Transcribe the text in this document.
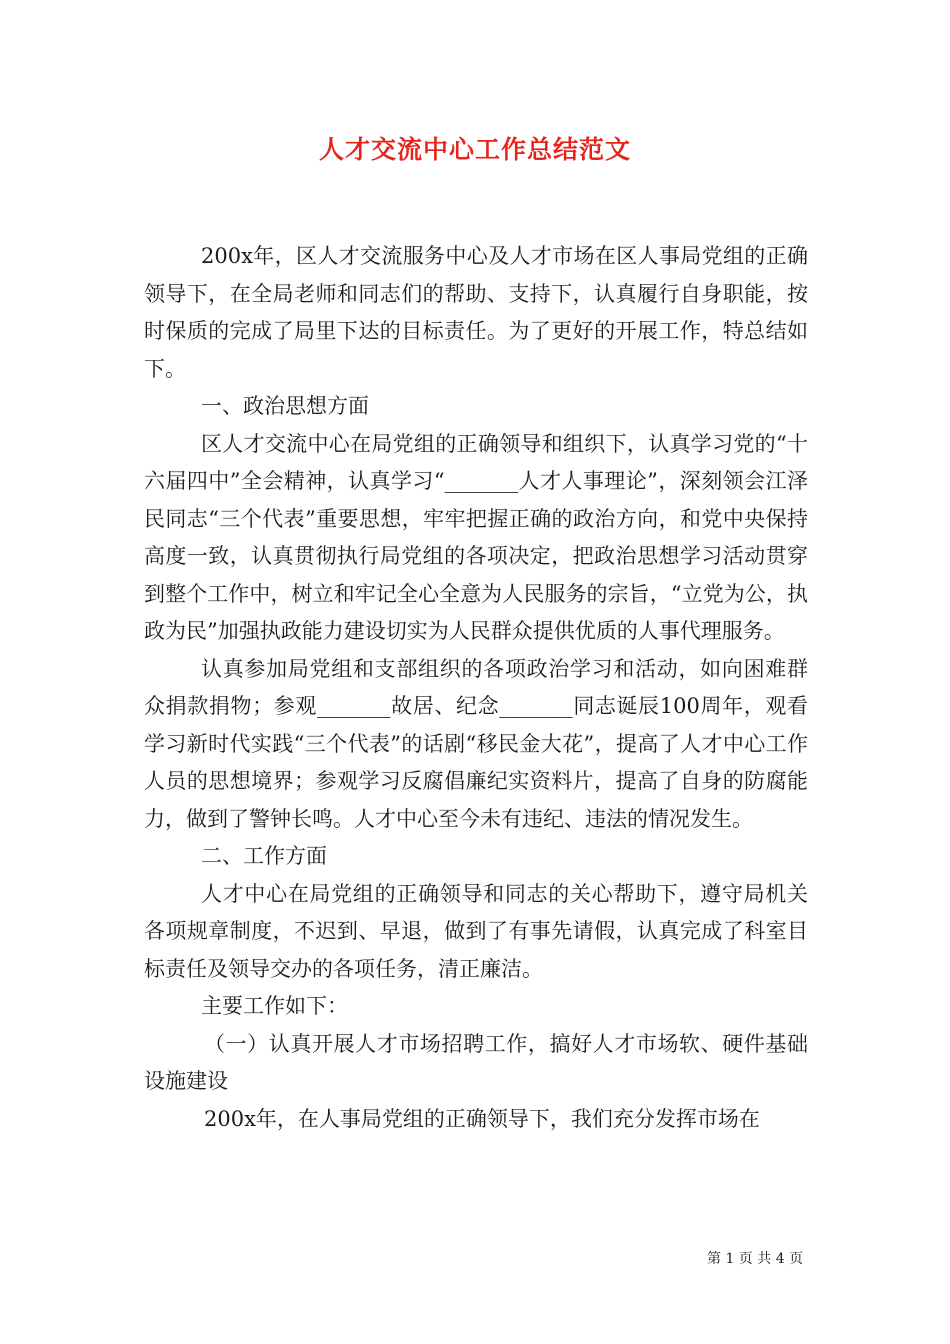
人才交流中心工作总结范文

200x年，区人才交流服务中心及人才市场在区人事局党组的正确领导下，在全局老师和同志们的帮助、支持下，认真履行自身职能，按时保质的完成了局里下达的目标责任。为了更好的开展工作，特总结如下。

一、政治思想方面

区人才交流中心在局党组的正确领导和组织下，认真学习党的“十六届四中”全会精神，认真学习“_______人才人事理论”，深刻领会江泽民同志“三个代表”重要思想，牢牢把握正确的政治方向，和党中央保持高度一致，认真贯彻执行局党组的各项决定，把政治思想学习活动贯穿到整个工作中，树立和牢记全心全意为人民服务的宗旨，“立党为公，执政为民”加强执政能力建设切实为人民群众提供优质的人事代理服务。

认真参加局党组和支部组织的各项政治学习和活动，如向困难群众捐款捐物；参观_______故居、纪念_______同志诞辰100周年，观看学习新时代实践“三个代表”的话剧“移民金大花”，提高了人才中心工作人员的思想境界；参观学习反腐倡廉纪实资料片，提高了自身的防腐能力，做到了警钟长鸣。人才中心至今未有违纪、违法的情况发生。

二、工作方面

人才中心在局党组的正确领导和同志的关心帮助下，遵守局机关各项规章制度，不迟到、早退，做到了有事先请假，认真完成了科室目标责任及领导交办的各项任务，清正廉洁。

主要工作如下：

（一）认真开展人才市场招聘工作，搞好人才市场软、硬件基础设施建设

200x年，在人事局党组的正确领导下，我们充分发挥市场在

第 1 页 共 4 页
